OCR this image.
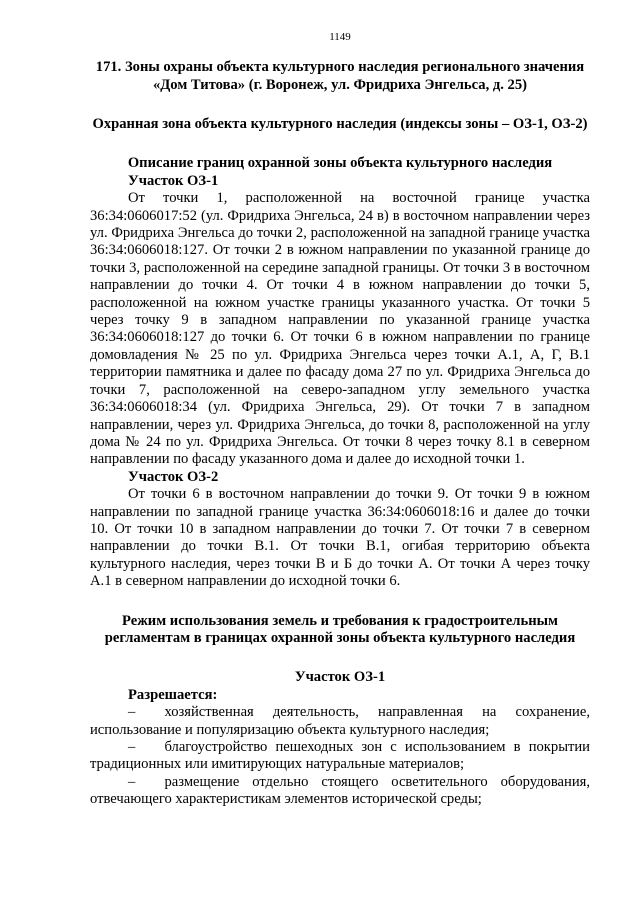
1149
171. Зоны охраны объекта культурного наследия регионального значения «Дом Титова» (г. Воронеж, ул. Фридриха Энгельса, д. 25)
Охранная зона объекта культурного наследия (индексы зоны – ОЗ-1, ОЗ-2)
Описание границ охранной зоны объекта культурного наследия
Участок ОЗ-1
От точки 1, расположенной на восточной границе участка 36:34:0606017:52 (ул. Фридриха Энгельса, 24 в) в восточном направлении через ул. Фридриха Энгельса до точки 2, расположенной на западной границе участка 36:34:0606018:127. От точки 2 в южном направлении по указанной границе до точки 3, расположенной на середине западной границы. От точки 3 в восточном направлении до точки 4. От точки 4 в южном направлении до точки 5, расположенной на южном участке границы указанного участка. От точки 5 через точку 9 в западном направлении по указанной границе участка 36:34:0606018:127 до точки 6. От точки 6 в южном направлении по границе домовладения № 25 по ул. Фридриха Энгельса через точки А.1, А, Г, В.1 территории памятника и далее по фасаду дома 27 по ул. Фридриха Энгельса до точки 7, расположенной на северо-западном углу земельного участка 36:34:0606018:34 (ул. Фридриха Энгельса, 29). От точки 7 в западном направлении, через ул. Фридриха Энгельса, до точки 8, расположенной на углу дома № 24 по ул. Фридриха Энгельса. От точки 8 через точку 8.1 в северном направлении по фасаду указанного дома и далее до исходной точки 1.
Участок ОЗ-2
От точки 6 в восточном направлении до точки 9. От точки 9 в южном направлении по западной границе участка 36:34:0606018:16 и далее до точки 10. От точки 10 в западном направлении до точки 7. От точки 7 в северном направлении до точки В.1. От точки В.1, огибая территорию объекта культурного наследия, через точки В и Б до точки А. От точки А через точку А.1 в северном направлении до исходной точки 6.
Режим использования земель и требования к градостроительным регламентам в границах охранной зоны объекта культурного наследия
Участок ОЗ-1
Разрешается:
–  хозяйственная деятельность, направленная на сохранение, использование и популяризацию объекта культурного наследия;
–  благоустройство пешеходных зон с использованием в покрытии традиционных или имитирующих натуральные материалов;
–  размещение отдельно стоящего осветительного оборудования, отвечающего характеристикам элементов исторической среды;
